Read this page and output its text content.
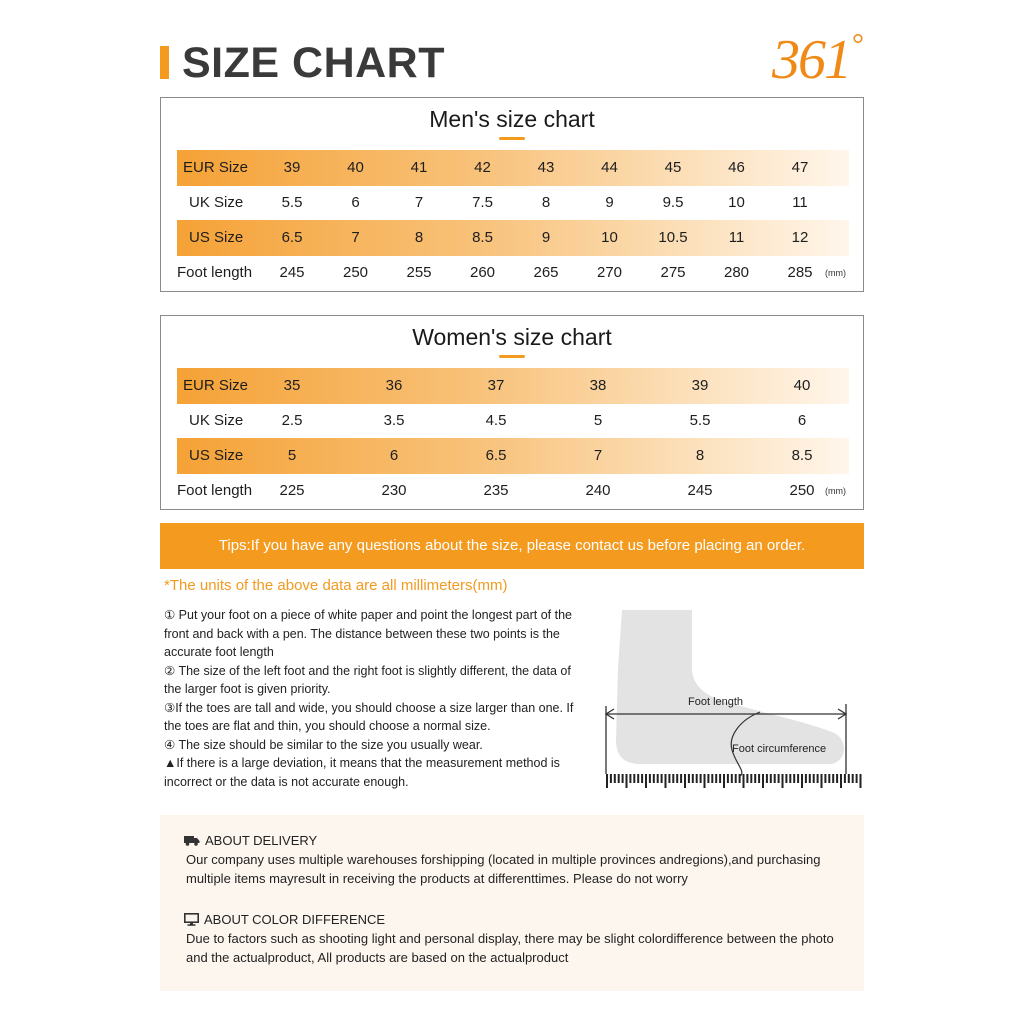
SIZE CHART	361 °
Men's size chart
EUR Size	39	40	41	42	43	44	45	46	47
UK Size	5.5	6	7	7.5	8	9	9.5	10	11
US Size	6.5	7	8	8.5	9	10	10.5	11	12
Foot length	245	250	255	260	265	270	275	280	285	(mm)
Women's size chart
EUR Size	35	36	37	38	39	40
UK Size	2.5	3.5	4.5	5	5.5	6
US Size	5	6	6.5	7	8	8.5
Foot length	225	230	235	240	245	250	(mm)
Tips:If you have any questions about the size, please contact us before placing an order.
*The units of the above data are all millimeters(mm)

① Put your foot on a piece of white paper and point the longest part of the front and back with a pen. The distance between these two points is the accurate foot length

② The size of the left foot and the right foot is slightly different, the data of the larger foot is given priority.

③If the toes are tall and wide, you should choose a size larger than one. If the toes are flat and thin, you should choose a normal size.

④ The size should be similar to the size you usually wear.

▲If there is a large deviation, it means that the measurement method is incorrect or the data is not accurate enough.

Foot length
Foot circumference
ABOUT DELIVERY
Our company uses multiple warehouses forshipping (located in multiple provinces andregions),and purchasing multiple items mayresult in receiving the products at differenttimes. Please do not worry
ABOUT COLOR DIFFERENCE
Due to factors such as shooting light and personal display, there may be slight colordifference between the photo and the actualproduct, All products are based on the actualproduct
